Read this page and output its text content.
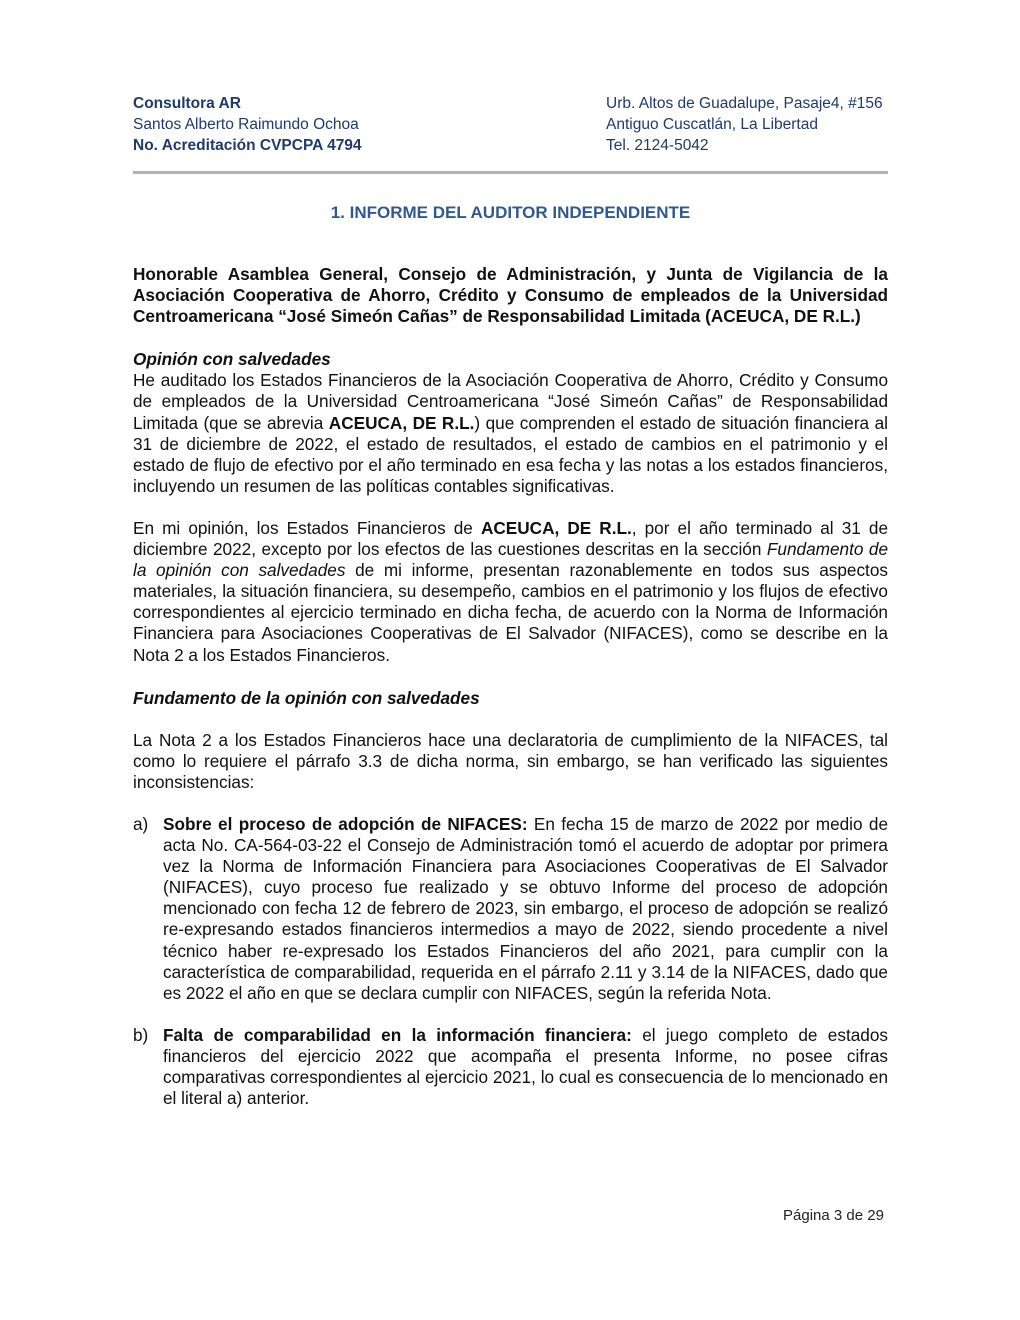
Consultora AR
Santos Alberto Raimundo Ochoa
No. Acreditación CVPCPA 4794
Urb. Altos de Guadalupe, Pasaje4, #156
Antiguo Cuscatlán, La Libertad
Tel. 2124-5042
1. INFORME DEL AUDITOR INDEPENDIENTE

Honorable Asamblea General, Consejo de Administración, y Junta de Vigilancia de la Asociación Cooperativa de Ahorro, Crédito y Consumo de empleados de la Universidad Centroamericana “José Simeón Cañas” de Responsabilidad Limitada (ACEUCA, DE R.L.)

Opinión con salvedades

He auditado los Estados Financieros de la Asociación Cooperativa de Ahorro, Crédito y Consumo de empleados de la Universidad Centroamericana “José Simeón Cañas” de Responsabilidad Limitada (que se abrevia ACEUCA, DE R.L.) que comprenden el estado de situación financiera al 31 de diciembre de 2022, el estado de resultados, el estado de cambios en el patrimonio y el estado de flujo de efectivo por el año terminado en esa fecha y las notas a los estados financieros, incluyendo un resumen de las políticas contables significativas.

En mi opinión, los Estados Financieros de ACEUCA, DE R.L., por el año terminado al 31 de diciembre 2022, excepto por los efectos de las cuestiones descritas en la sección Fundamento de la opinión con salvedades de mi informe, presentan razonablemente en todos sus aspectos materiales, la situación financiera, su desempeño, cambios en el patrimonio y los flujos de efectivo correspondientes al ejercicio terminado en dicha fecha, de acuerdo con la Norma de Información Financiera para Asociaciones Cooperativas de El Salvador (NIFACES), como se describe en la Nota 2 a los Estados Financieros.

Fundamento de la opinión con salvedades

La Nota 2 a los Estados Financieros hace una declaratoria de cumplimiento de la NIFACES, tal como lo requiere el párrafo 3.3 de dicha norma, sin embargo, se han verificado las siguientes inconsistencias:

a) Sobre el proceso de adopción de NIFACES: En fecha 15 de marzo de 2022 por medio de acta No. CA-564-03-22 el Consejo de Administración tomó el acuerdo de adoptar por primera vez la Norma de Información Financiera para Asociaciones Cooperativas de El Salvador (NIFACES), cuyo proceso fue realizado y se obtuvo Informe del proceso de adopción mencionado con fecha 12 de febrero de 2023, sin embargo, el proceso de adopción se realizó re-expresando estados financieros intermedios a mayo de 2022, siendo procedente a nivel técnico haber re-expresado los Estados Financieros del año 2021, para cumplir con la característica de comparabilidad, requerida en el párrafo 2.11 y 3.14 de la NIFACES, dado que es 2022 el año en que se declara cumplir con NIFACES, según la referida Nota.
b) Falta de comparabilidad en la información financiera: el juego completo de estados financieros del ejercicio 2022 que acompaña el presenta Informe, no posee cifras comparativas correspondientes al ejercicio 2021, lo cual es consecuencia de lo mencionado en el literal a) anterior.
Página 3 de 29
